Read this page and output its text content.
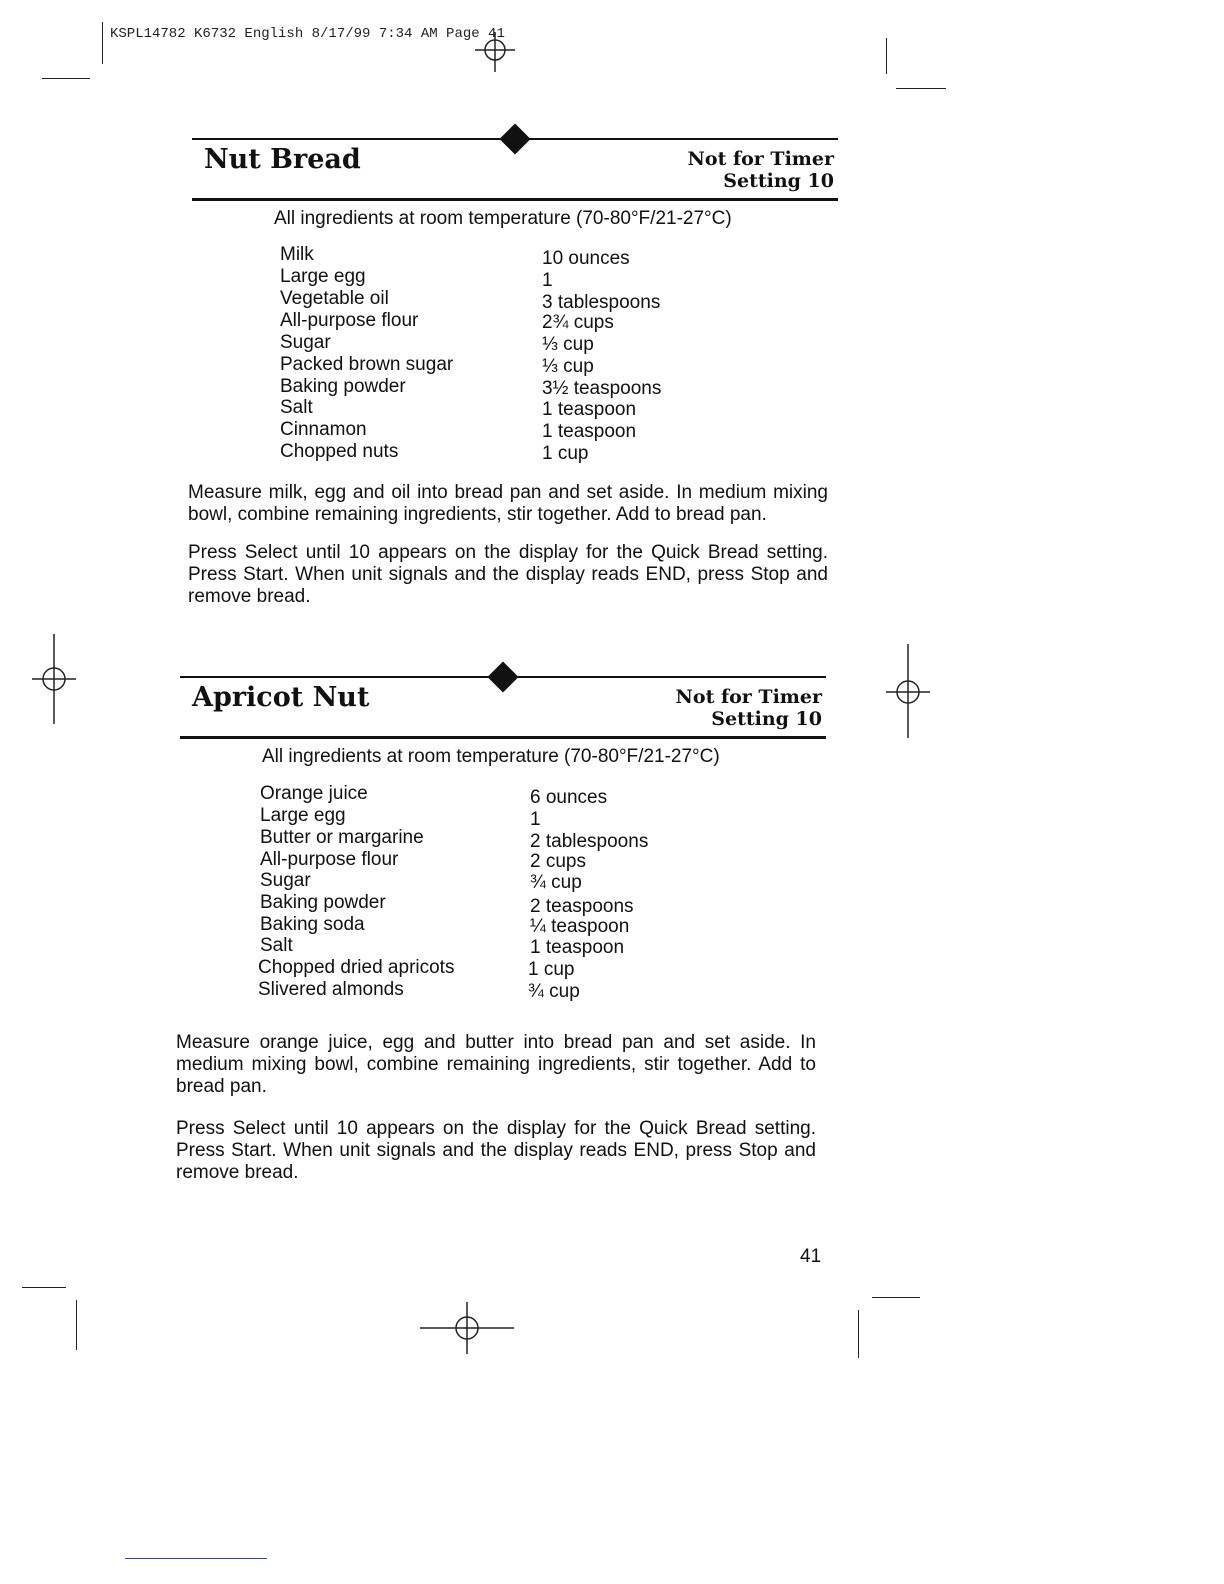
KSPL14782 K6732 English 8/17/99 7:34 AM Page 41
Nut Bread	Not for Timer
Setting 10
All ingredients at room temperature (70-80°F/21-27°C)
Milk	10 ounces
Large egg	1
Vegetable oil	3 tablespoons
All-purpose flour	2¾ cups
Sugar	⅓ cup
Packed brown sugar	⅓ cup
Baking powder	3½ teaspoons
Salt	1 teaspoon
Cinnamon	1 teaspoon
Chopped nuts	1 cup
Measure milk, egg and oil into bread pan and set aside. In medium mixing bowl, combine remaining ingredients, stir together. Add to bread pan.
Press Select until 10 appears on the display for the Quick Bread setting. Press Start. When unit signals and the display reads END, press Stop and remove bread.
Apricot Nut	Not for Timer
Setting 10
All ingredients at room temperature (70-80°F/21-27°C)
Orange juice	6 ounces
Large egg	1
Butter or margarine	2 tablespoons
All-purpose flour	2 cups
Sugar	¾ cup
Baking powder	2 teaspoons
Baking soda	¼ teaspoon
Salt	1 teaspoon
Chopped dried apricots	1 cup
Slivered almonds	¾ cup
Measure orange juice, egg and butter into bread pan and set aside. In medium mixing bowl, combine remaining ingredients, stir together. Add to bread pan.
Press Select until 10 appears on the display for the Quick Bread setting. Press Start. When unit signals and the display reads END, press Stop and remove bread.
41
